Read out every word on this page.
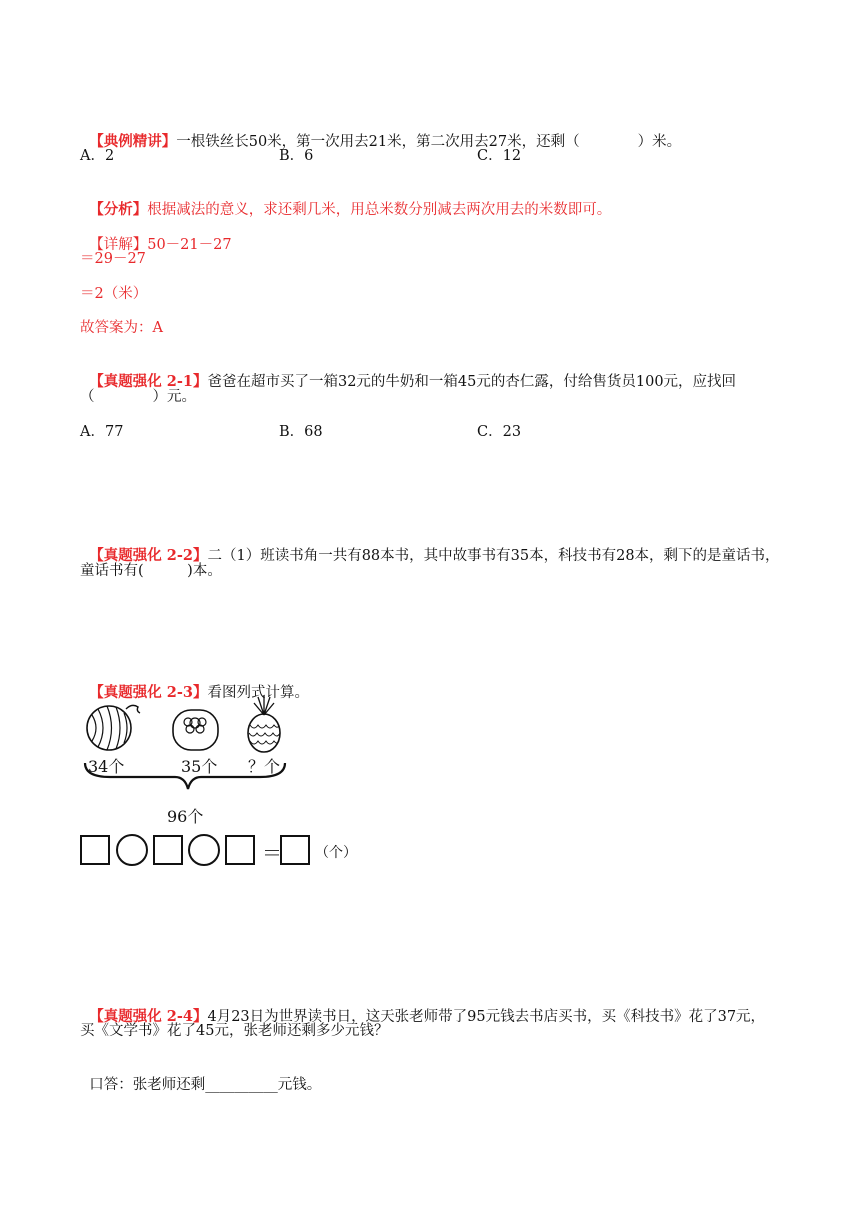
【典例精讲】一根铁丝长50米，第一次用去21米，第二次用去27米，还剩（　　　　）米。

A．2	B．6	C．12

【分析】根据减法的意义，求还剩几米，用总米数分别减去两次用去的米数即可。

【详解】50－21－27

＝29－27
＝2（米）
故答案为：A

【真题强化 2-1】爸爸在超市买了一箱32元的牛奶和一箱45元的杏仁露，付给售货员100元，应找回

（　　　　）元。
A．77	B．68	C．23

【真题强化 2-2】二（1）班读书角一共有88本书，其中故事书有35本，科技书有28本，剩下的是童话书，

童话书有(　　　)本。

【真题强化 2-3】看图列式计算。

34个	35个 ？个
96个
＝ （个）

【真题强化 2-4】4月23日为世界读书日，这天张老师带了95元钱去书店买书，买《科技书》花了37元，

买《文学书》花了45元，张老师还剩多少元钱？

口答：张老师还剩__________元钱。
